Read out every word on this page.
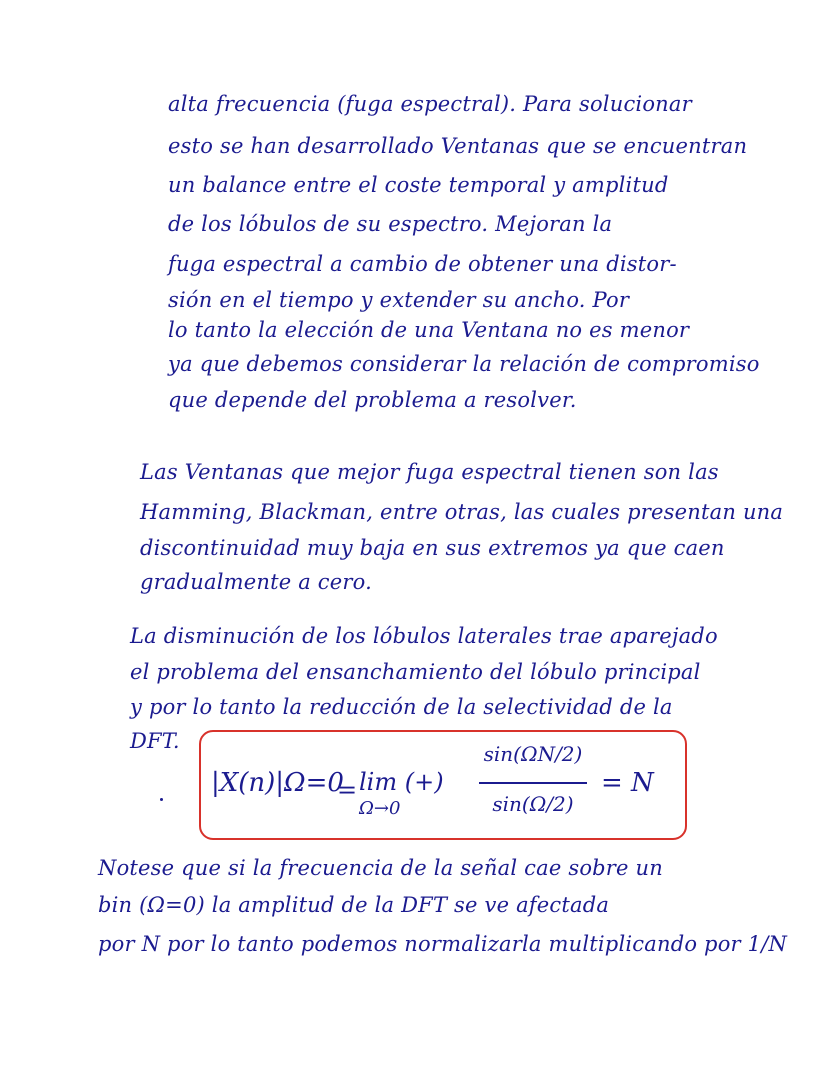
alta frecuencia (fuga espectral). Para solucionar
esto se han desarrollado Ventanas que se encuentran
un balance entre el coste temporal y amplitud
de los lóbulos de su espectro. Mejoran la
fuga espectral a cambio de obtener una distor-
sión en el tiempo y extender su ancho. Por
lo tanto la elección de una Ventana no es menor
ya que debemos considerar la relación de compromiso
que depende del problema a resolver.
Las Ventanas que mejor fuga espectral tienen son las
Hamming, Blackman, entre otras, las cuales presentan una
discontinuidad muy baja en sus extremos ya que caen
gradualmente a cero.
La disminución de los lóbulos laterales trae aparejado
el problema del ensanchamiento del lóbulo principal
y por lo tanto la reducción de la selectividad de la
DFT.
|X(n)|Ω=0
= lim (+)
Ω→0
sin(ΩN/2)
sin(Ω/2)
= N
Notese que si la frecuencia de la señal cae sobre un
bin (Ω=0) la amplitud de la DFT se ve afectada
por N por lo tanto podemos normalizarla multiplicando por 1/N
